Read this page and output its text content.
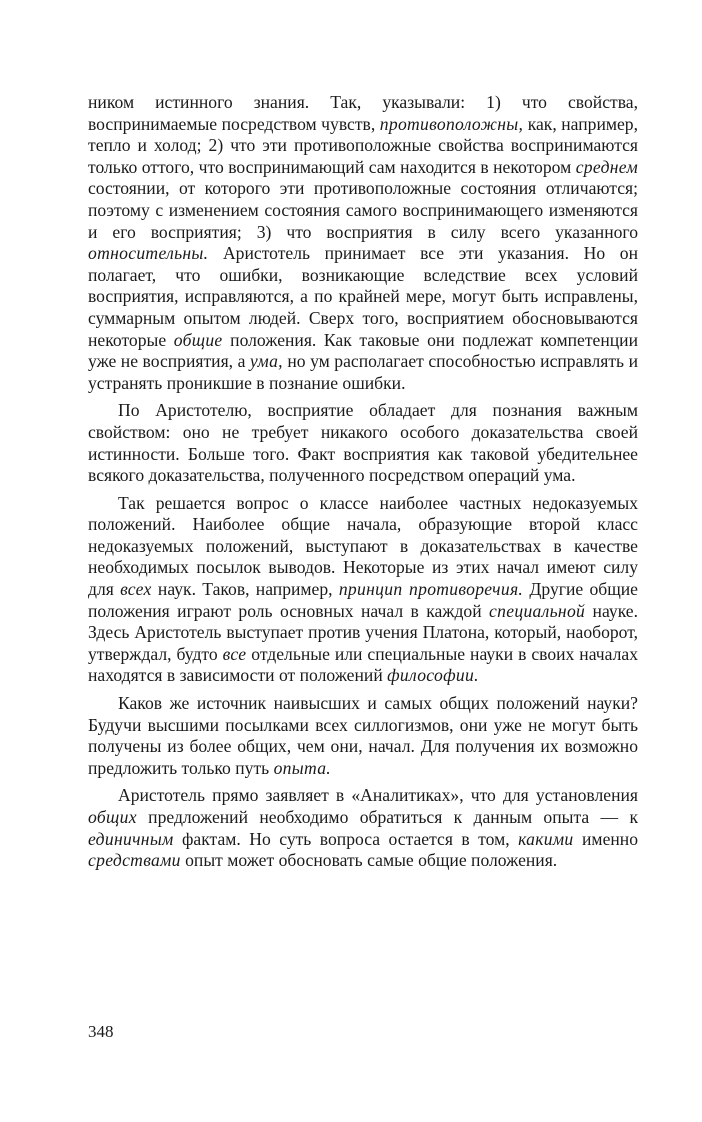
ником истинного знания. Так, указывали: 1) что свойства, воспринимаемые посредством чувств, противоположны, как, например, тепло и холод; 2) что эти противоположные свойства воспринимаются только оттого, что воспринимающий сам находится в некотором среднем состоянии, от которого эти противоположные состояния отличаются; поэтому с изменением состояния самого воспринимающего изменяются и его восприятия; 3) что восприятия в силу всего указанного относительны. Аристотель принимает все эти указания. Но он полагает, что ошибки, возникающие вследствие всех условий восприятия, исправляются, а по крайней мере, могут быть исправлены, суммарным опытом людей. Сверх того, восприятием обосновываются некоторые общие положения. Как таковые они подлежат компетенции уже не восприятия, а ума, но ум располагает способностью исправлять и устранять проникшие в познание ошибки.

По Аристотелю, восприятие обладает для познания важным свойством: оно не требует никакого особого доказательства своей истинности. Больше того. Факт восприятия как таковой убедительнее всякого доказательства, полученного посредством операций ума.

Так решается вопрос о классе наиболее частных недоказуемых положений. Наиболее общие начала, образующие второй класс недоказуемых положений, выступают в доказательствах в качестве необходимых посылок выводов. Некоторые из этих начал имеют силу для всех наук. Таков, например, принцип противоречия. Другие общие положения играют роль основных начал в каждой специальной науке. Здесь Аристотель выступает против учения Платона, который, наоборот, утверждал, будто все отдельные или специальные науки в своих началах находятся в зависимости от положений философии.

Каков же источник наивысших и самых общих положений науки? Будучи высшими посылками всех силлогизмов, они уже не могут быть получены из более общих, чем они, начал. Для получения их возможно предложить только путь опыта.

Аристотель прямо заявляет в «Аналитиках», что для установления общих предложений необходимо обратиться к данным опыта — к единичным фактам. Но суть вопроса остается в том, какими именно средствами опыт может обосновать самые общие положения.

348
